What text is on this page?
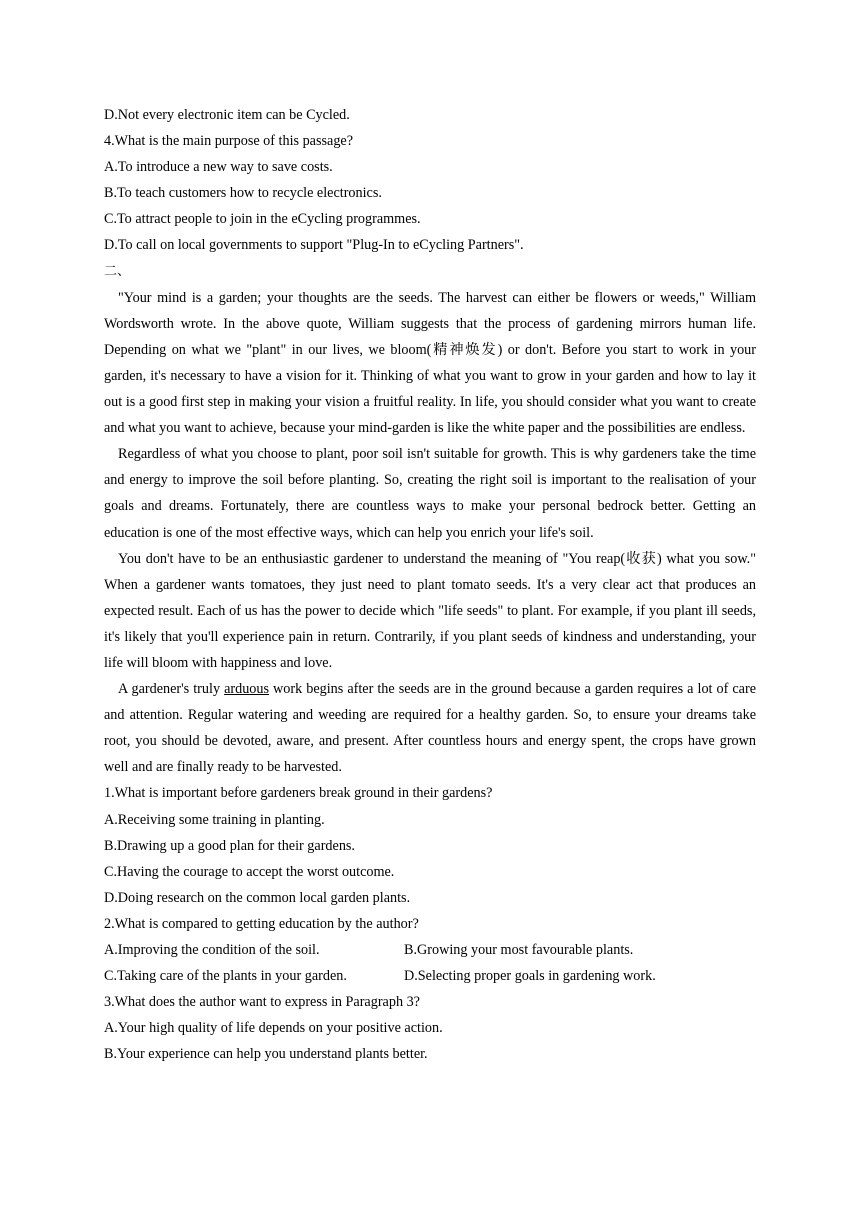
D.Not every electronic item can be Cycled.

4.What is the main purpose of this passage?

A.To introduce a new way to save costs.

B.To teach customers how to recycle electronics.

C.To attract people to join in the eCycling programmes.

D.To call on local governments to support "Plug-In to eCycling Partners".

二、

"Your mind is a garden; your thoughts are the seeds. The harvest can either be flowers or weeds," William Wordsworth wrote. In the above quote, William suggests that the process of gardening mirrors human life. Depending on what we "plant" in our lives, we bloom(精神焕发) or don't. Before you start to work in your garden, it's necessary to have a vision for it. Thinking of what you want to grow in your garden and how to lay it out is a good first step in making your vision a fruitful reality. In life, you should consider what you want to create and what you want to achieve, because your mind-garden is like the white paper and the possibilities are endless.

Regardless of what you choose to plant, poor soil isn't suitable for growth. This is why gardeners take the time and energy to improve the soil before planting. So, creating the right soil is important to the realisation of your goals and dreams. Fortunately, there are countless ways to make your personal bedrock better. Getting an education is one of the most effective ways, which can help you enrich your life's soil.

You don't have to be an enthusiastic gardener to understand the meaning of "You reap(收获) what you sow." When a gardener wants tomatoes, they just need to plant tomato seeds. It's a very clear act that produces an expected result. Each of us has the power to decide which "life seeds" to plant. For example, if you plant ill seeds, it's likely that you'll experience pain in return. Contrarily, if you plant seeds of kindness and understanding, your life will bloom with happiness and love.

A gardener's truly arduous work begins after the seeds are in the ground because a garden requires a lot of care and attention. Regular watering and weeding are required for a healthy garden. So, to ensure your dreams take root, you should be devoted, aware, and present. After countless hours and energy spent, the crops have grown well and are finally ready to be harvested.

1.What is important before gardeners break ground in their gardens?

A.Receiving some training in planting.

B.Drawing up a good plan for their gardens.

C.Having the courage to accept the worst outcome.

D.Doing research on the common local garden plants.

2.What is compared to getting education by the author?

A.Improving the condition of the soil.	B.Growing your most favourable plants.
C.Taking care of the plants in your garden.	D.Selecting proper goals in gardening work.

3.What does the author want to express in Paragraph 3?

A.Your high quality of life depends on your positive action.

B.Your experience can help you understand plants better.
